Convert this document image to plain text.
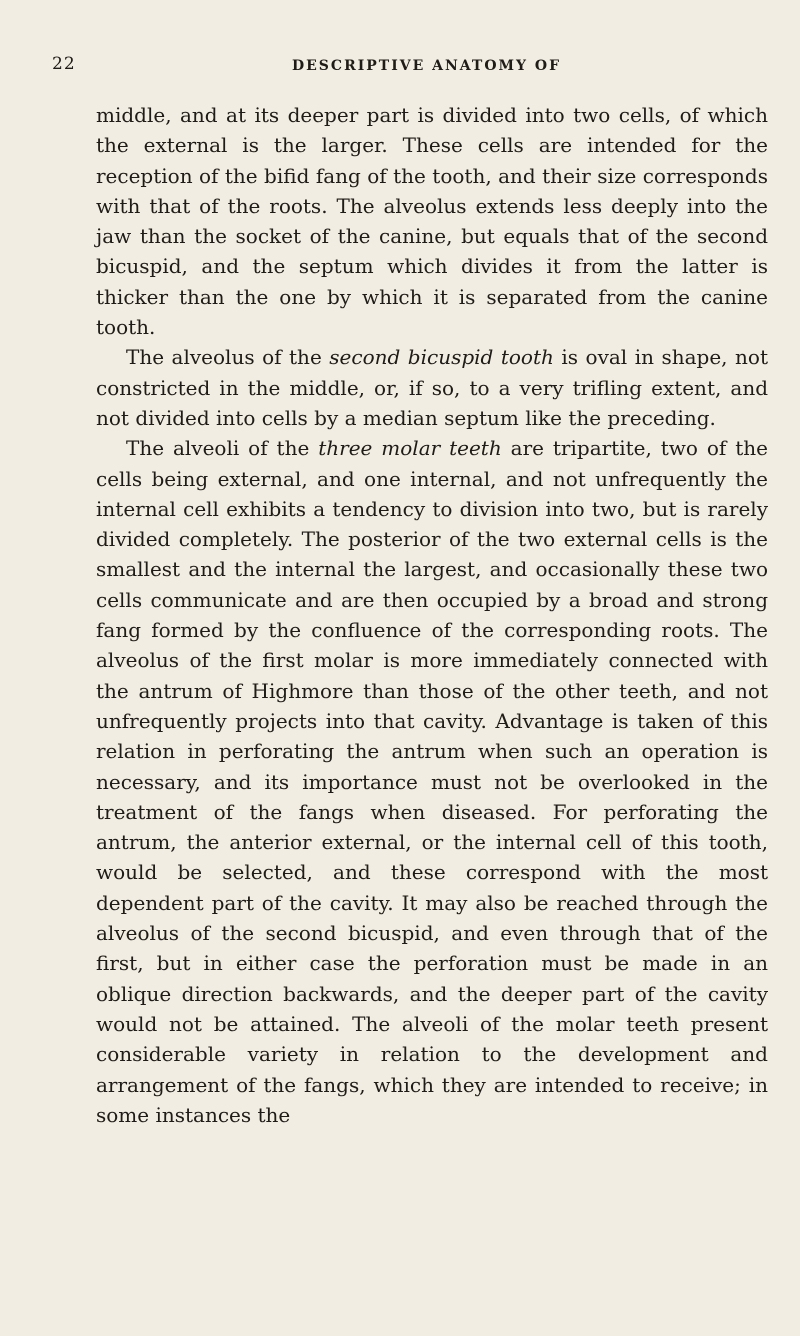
22	DESCRIPTIVE ANATOMY OF

middle, and at its deeper part is divided into two cells, of which the external is the larger. These cells are intended for the reception of the bifid fang of the tooth, and their size corresponds with that of the roots. The alveolus extends less deeply into the jaw than the socket of the canine, but equals that of the second bicuspid, and the septum which divides it from the latter is thicker than the one by which it is separated from the canine tooth.

The alveolus of the second bicuspid tooth is oval in shape, not constricted in the middle, or, if so, to a very trifling extent, and not divided into cells by a median septum like the preceding.

The alveoli of the three molar teeth are tripartite, two of the cells being external, and one internal, and not unfrequently the internal cell exhibits a tendency to division into two, but is rarely divided completely. The posterior of the two external cells is the smallest and the internal the largest, and occasionally these two cells communicate and are then occupied by a broad and strong fang formed by the confluence of the corresponding roots. The alveolus of the first molar is more immediately connected with the antrum of Highmore than those of the other teeth, and not unfrequently projects into that cavity. Advantage is taken of this relation in perforating the antrum when such an operation is necessary, and its importance must not be overlooked in the treatment of the fangs when diseased. For perforating the antrum, the anterior external, or the internal cell of this tooth, would be selected, and these correspond with the most dependent part of the cavity. It may also be reached through the alveolus of the second bicuspid, and even through that of the first, but in either case the perforation must be made in an oblique direction backwards, and the deeper part of the cavity would not be attained. The alveoli of the molar teeth present considerable variety in relation to the development and arrangement of the fangs, which they are intended to receive; in some instances the
